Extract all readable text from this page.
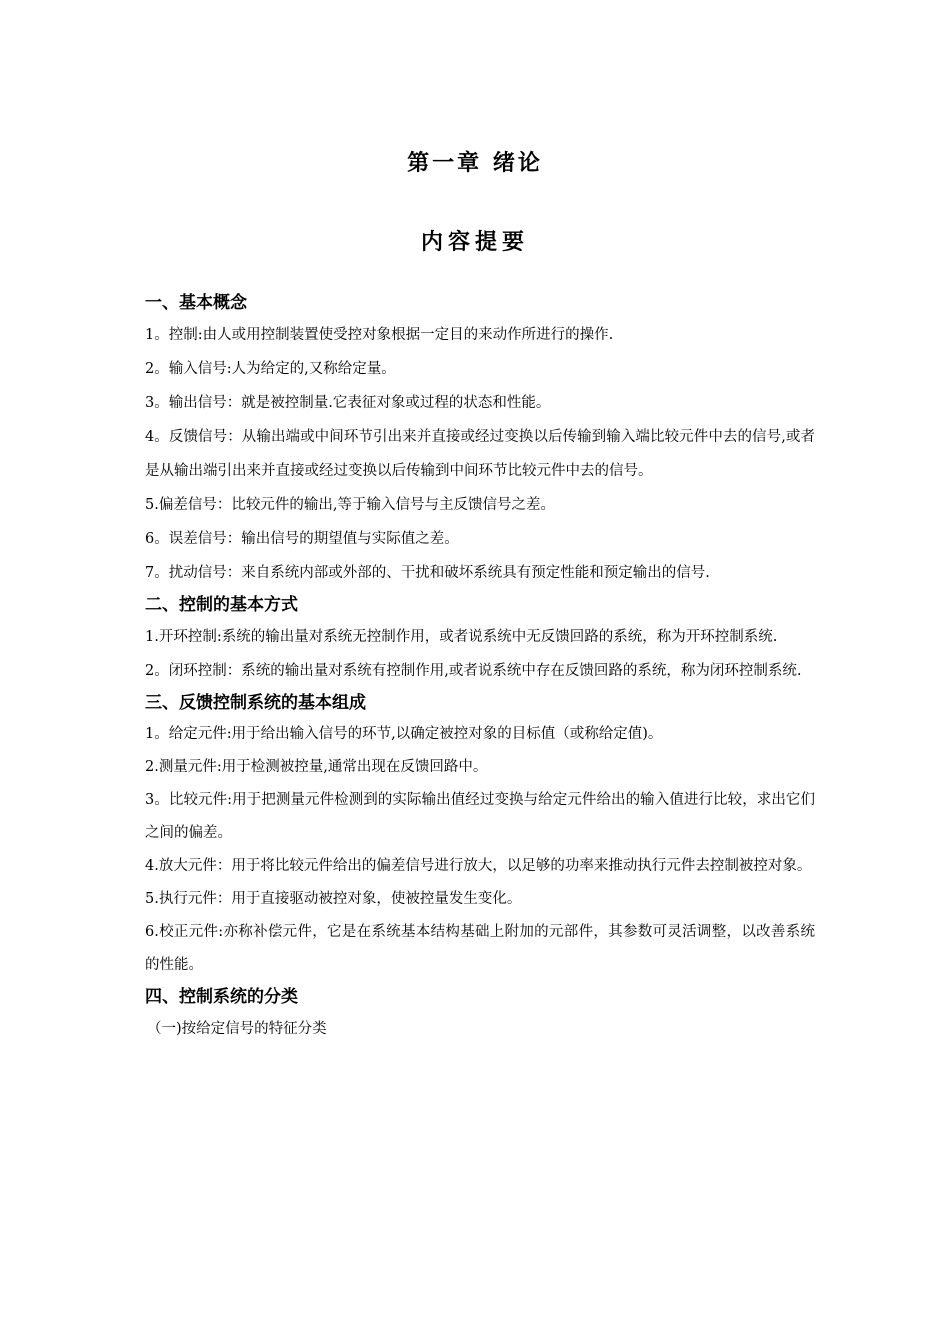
第一章 绪论
内容提要
一、基本概念
1。控制:由人或用控制装置使受控对象根据一定目的来动作所进行的操作.
2。输入信号:人为给定的,又称给定量。
3。输出信号：就是被控制量.它表征对象或过程的状态和性能。
4。反馈信号：从输出端或中间环节引出来并直接或经过变换以后传输到输入端比较元件中去的信号,或者是从输出端引出来并直接或经过变换以后传输到中间环节比较元件中去的信号。
5.偏差信号：比较元件的输出,等于输入信号与主反馈信号之差。
6。误差信号：输出信号的期望值与实际值之差。
7。扰动信号：来自系统内部或外部的、干扰和破坏系统具有预定性能和预定输出的信号.
二、控制的基本方式
1.开环控制:系统的输出量对系统无控制作用，或者说系统中无反馈回路的系统，称为开环控制系统.
2。闭环控制：系统的输出量对系统有控制作用,或者说系统中存在反馈回路的系统，称为闭环控制系统.
三、反馈控制系统的基本组成
1。给定元件:用于给出输入信号的环节,以确定被控对象的目标值（或称给定值)。
2.测量元件:用于检测被控量,通常出现在反馈回路中。
3。比较元件:用于把测量元件检测到的实际输出值经过变换与给定元件给出的输入值进行比较，求出它们之间的偏差。
4.放大元件：用于将比较元件给出的偏差信号进行放大，以足够的功率来推动执行元件去控制被控对象。
5.执行元件：用于直接驱动被控对象，使被控量发生变化。
6.校正元件:亦称补偿元件，它是在系统基本结构基础上附加的元部件，其参数可灵活调整，以改善系统的性能。
四、控制系统的分类
（一)按给定信号的特征分类
